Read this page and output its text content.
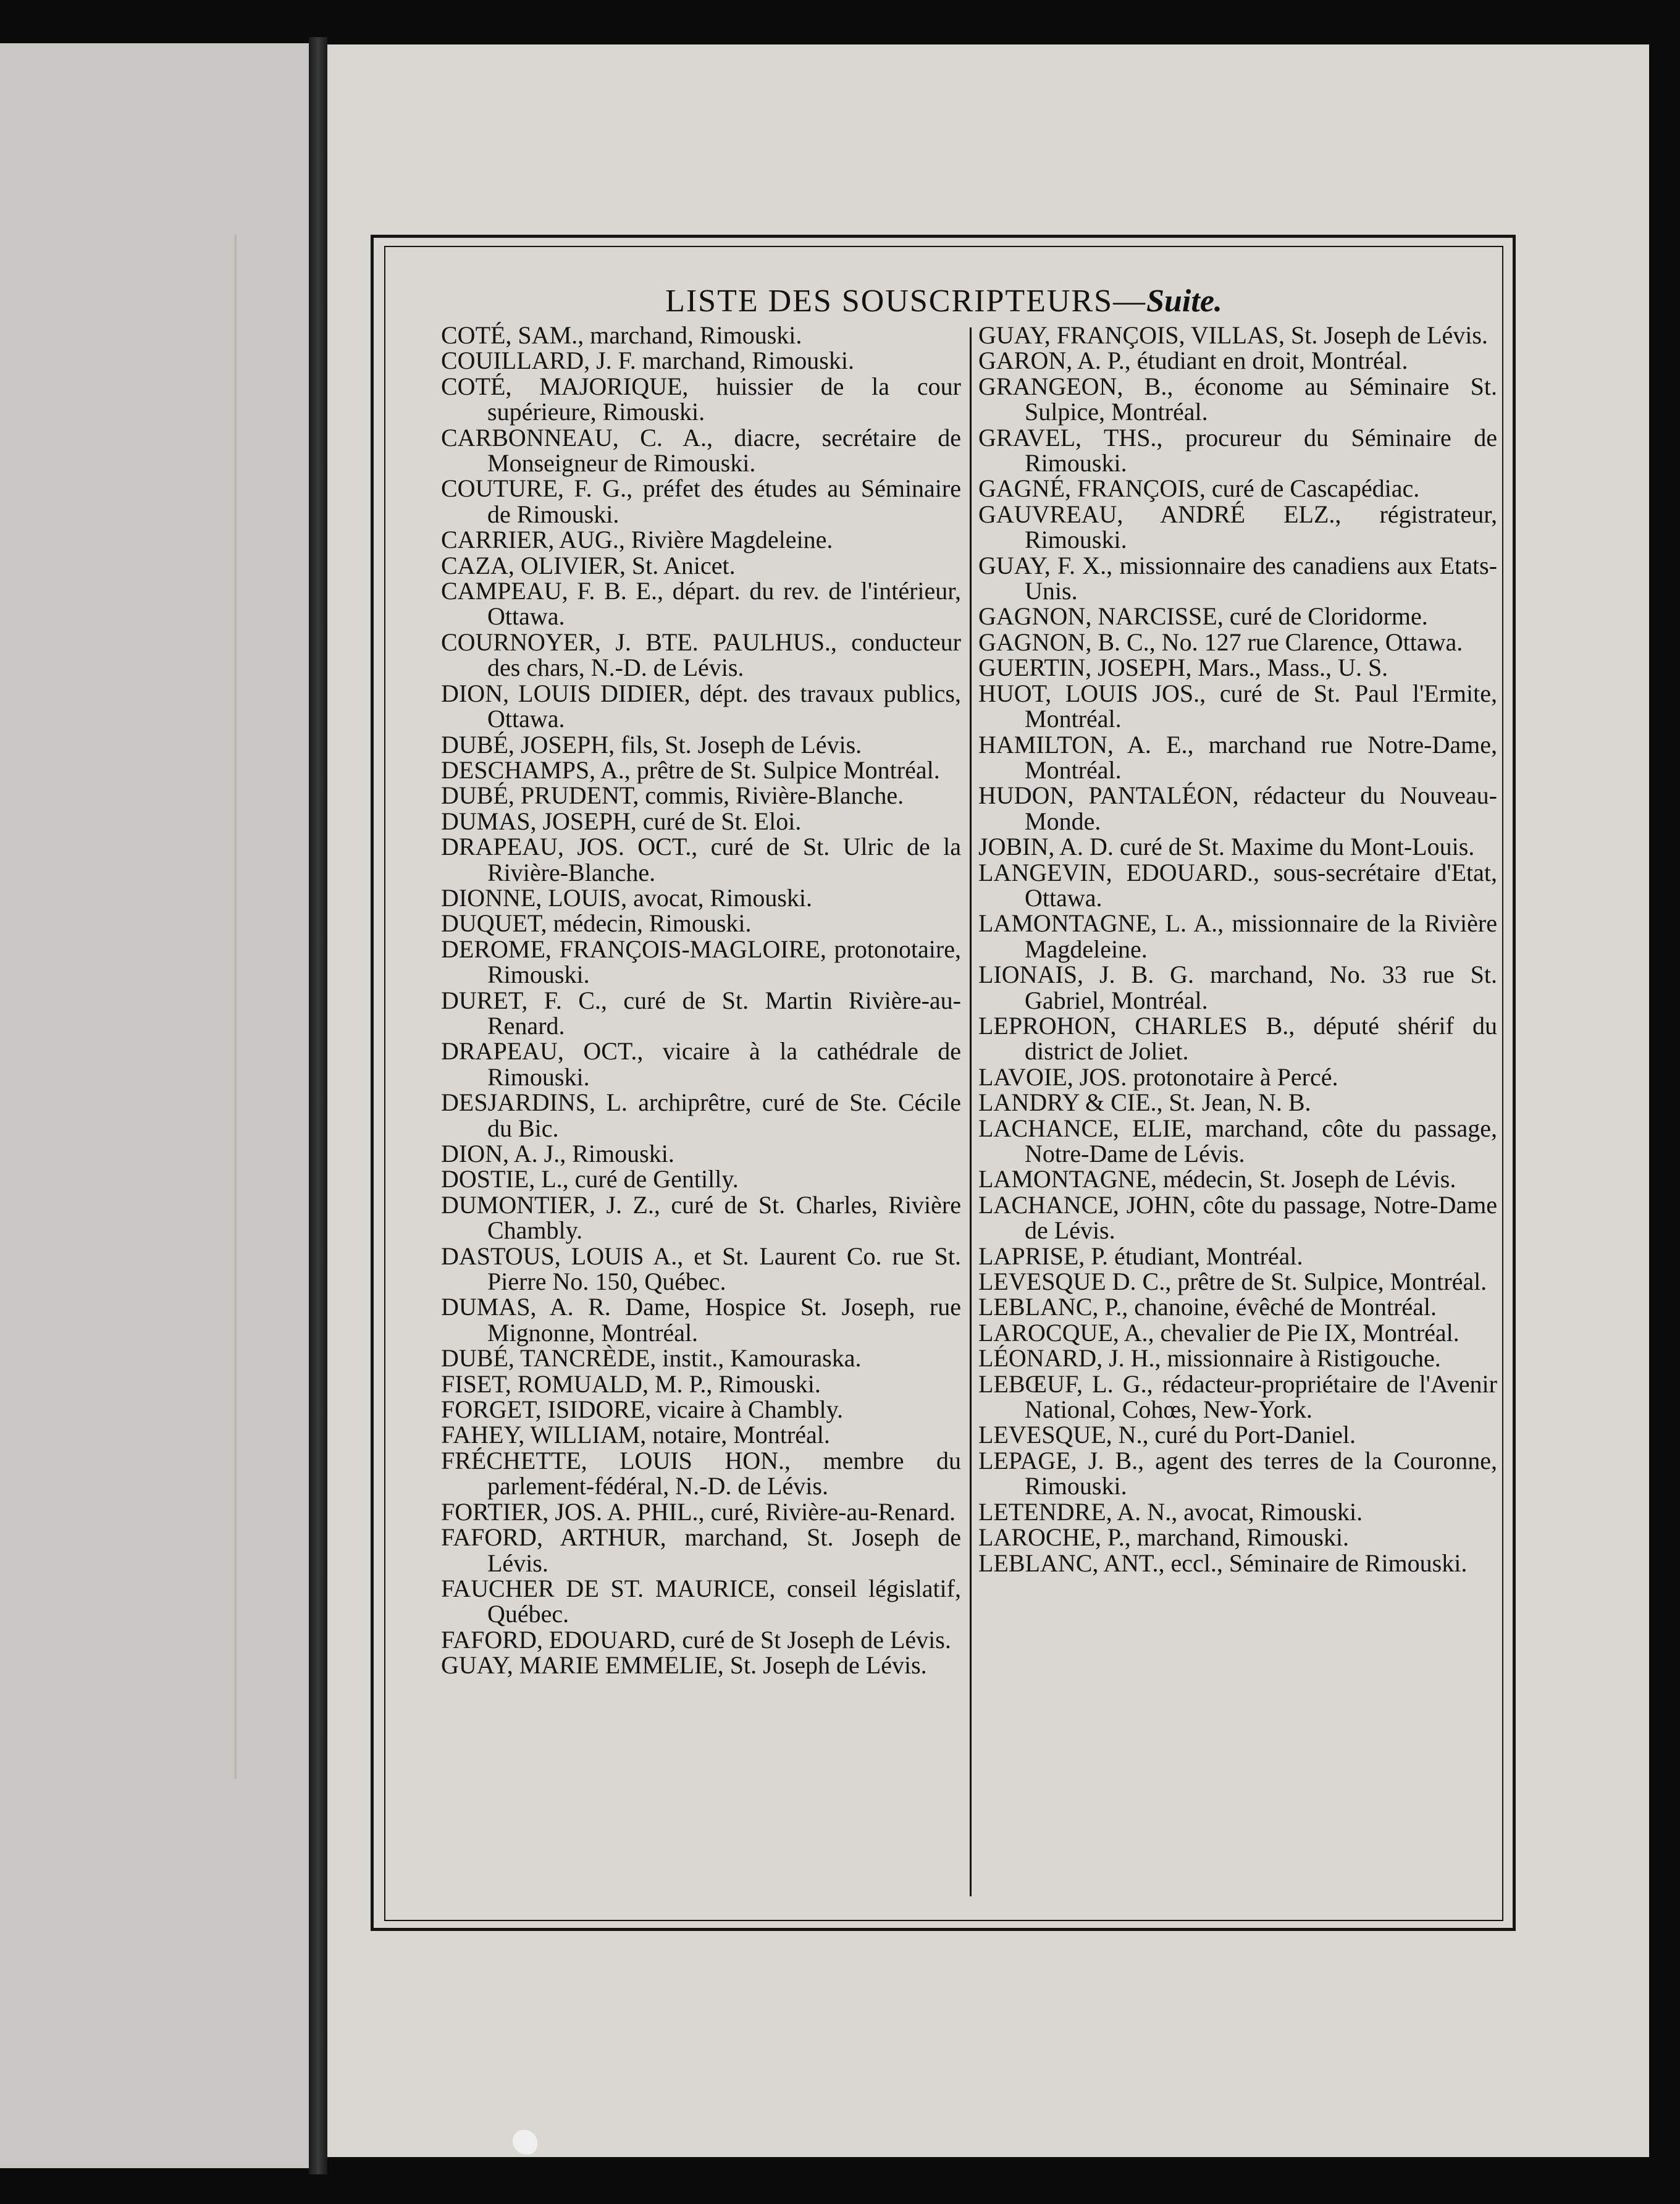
LISTE DES SOUSCRIPTEURS—Suite.
COTÉ, SAM., marchand, Rimouski.
COUILLARD, J. F. marchand, Rimouski.
COTÉ, MAJORIQUE, huissier de la cour supérieure, Rimouski.
CARBONNEAU, C. A., diacre, secrétaire de Monseigneur de Rimouski.
COUTURE, F. G., préfet des études au Séminaire de Rimouski.
CARRIER, AUG., Rivière Magdeleine.
CAZA, OLIVIER, St. Anicet.
CAMPEAU, F. B. E., départ. du rev. de l'intérieur, Ottawa.
COURNOYER, J. BTE. PAULHUS., conducteur des chars, N.-D. de Lévis.
DION, LOUIS DIDIER, dépt. des travaux publics, Ottawa.
DUBÉ, JOSEPH, fils, St. Joseph de Lévis.
DESCHAMPS, A., prêtre de St. Sulpice Montréal.
DUBÉ, PRUDENT, commis, Rivière-Blanche.
DUMAS, JOSEPH, curé de St. Eloi.
DRAPEAU, JOS. OCT., curé de St. Ulric de la Rivière-Blanche.
DIONNE, LOUIS, avocat, Rimouski.
DUQUET, médecin, Rimouski.
DEROME, FRANÇOIS-MAGLOIRE, protonotaire, Rimouski.
DURET, F. C., curé de St. Martin Rivière-au-Renard.
DRAPEAU, OCT., vicaire à la cathédrale de Rimouski.
DESJARDINS, L. archiprêtre, curé de Ste. Cécile du Bic.
DION, A. J., Rimouski.
DOSTIE, L., curé de Gentilly.
DUMONTIER, J. Z., curé de St. Charles, Rivière Chambly.
DASTOUS, LOUIS A., et St. Laurent Co. rue St. Pierre No. 150, Québec.
DUMAS, A. R. Dame, Hospice St. Joseph, rue Mignonne, Montréal.
DUBÉ, TANCRÈDE, instit., Kamouraska.
FISET, ROMUALD, M. P., Rimouski.
FORGET, ISIDORE, vicaire à Chambly.
FAHEY, WILLIAM, notaire, Montréal.
FRÉCHETTE, LOUIS HON., membre du parlement-fédéral, N.-D. de Lévis.
FORTIER, JOS. A. PHIL., curé, Rivière-au-Renard.
FAFORD, ARTHUR, marchand, St. Joseph de Lévis.
FAUCHER DE ST. MAURICE, conseil législatif, Québec.
FAFORD, EDOUARD, curé de St Joseph de Lévis.
GUAY, MARIE EMMELIE, St. Joseph de Lévis.
GUAY, FRANÇOIS, VILLAS, St. Joseph de Lévis.
GARON, A. P., étudiant en droit, Montréal.
GRANGEON, B., économe au Séminaire St. Sulpice, Montréal.
GRAVEL, THS., procureur du Séminaire de Rimouski.
GAGNÉ, FRANÇOIS, curé de Cascapédiac.
GAUVREAU, ANDRÉ ELZ., régistrateur, Rimouski.
GUAY, F. X., missionnaire des canadiens aux Etats-Unis.
GAGNON, NARCISSE, curé de Cloridorme.
GAGNON, B. C., No. 127 rue Clarence, Ottawa.
GUERTIN, JOSEPH, Mars., Mass., U. S.
HUOT, LOUIS JOS., curé de St. Paul l'Ermite, Montréal.
HAMILTON, A. E., marchand rue Notre-Dame, Montréal.
HUDON, PANTALÉON, rédacteur du Nouveau-Monde.
JOBIN, A. D. curé de St. Maxime du Mont-Louis.
LANGEVIN, EDOUARD., sous-secrétaire d'Etat, Ottawa.
LAMONTAGNE, L. A., missionnaire de la Rivière Magdeleine.
LIONAIS, J. B. G. marchand, No. 33 rue St. Gabriel, Montréal.
LEPROHON, CHARLES B., député shérif du district de Joliet.
LAVOIE, JOS. protonotaire à Percé.
LANDRY & CIE., St. Jean, N. B.
LACHANCE, ELIE, marchand, côte du passage, Notre-Dame de Lévis.
LAMONTAGNE, médecin, St. Joseph de Lévis.
LACHANCE, JOHN, côte du passage, Notre-Dame de Lévis.
LAPRISE, P. étudiant, Montréal.
LEVESQUE D. C., prêtre de St. Sulpice, Montréal.
LEBLANC, P., chanoine, évêché de Montréal.
LAROCQUE, A., chevalier de Pie IX, Montréal.
LÉONARD, J. H., missionnaire à Ristigouche.
LEBŒUF, L. G., rédacteur-propriétaire de l'Avenir National, Cohœs, New-York.
LEVESQUE, N., curé du Port-Daniel.
LEPAGE, J. B., agent des terres de la Couronne, Rimouski.
LETENDRE, A. N., avocat, Rimouski.
LAROCHE, P., marchand, Rimouski.
LEBLANC, ANT., eccl., Séminaire de Rimouski.
